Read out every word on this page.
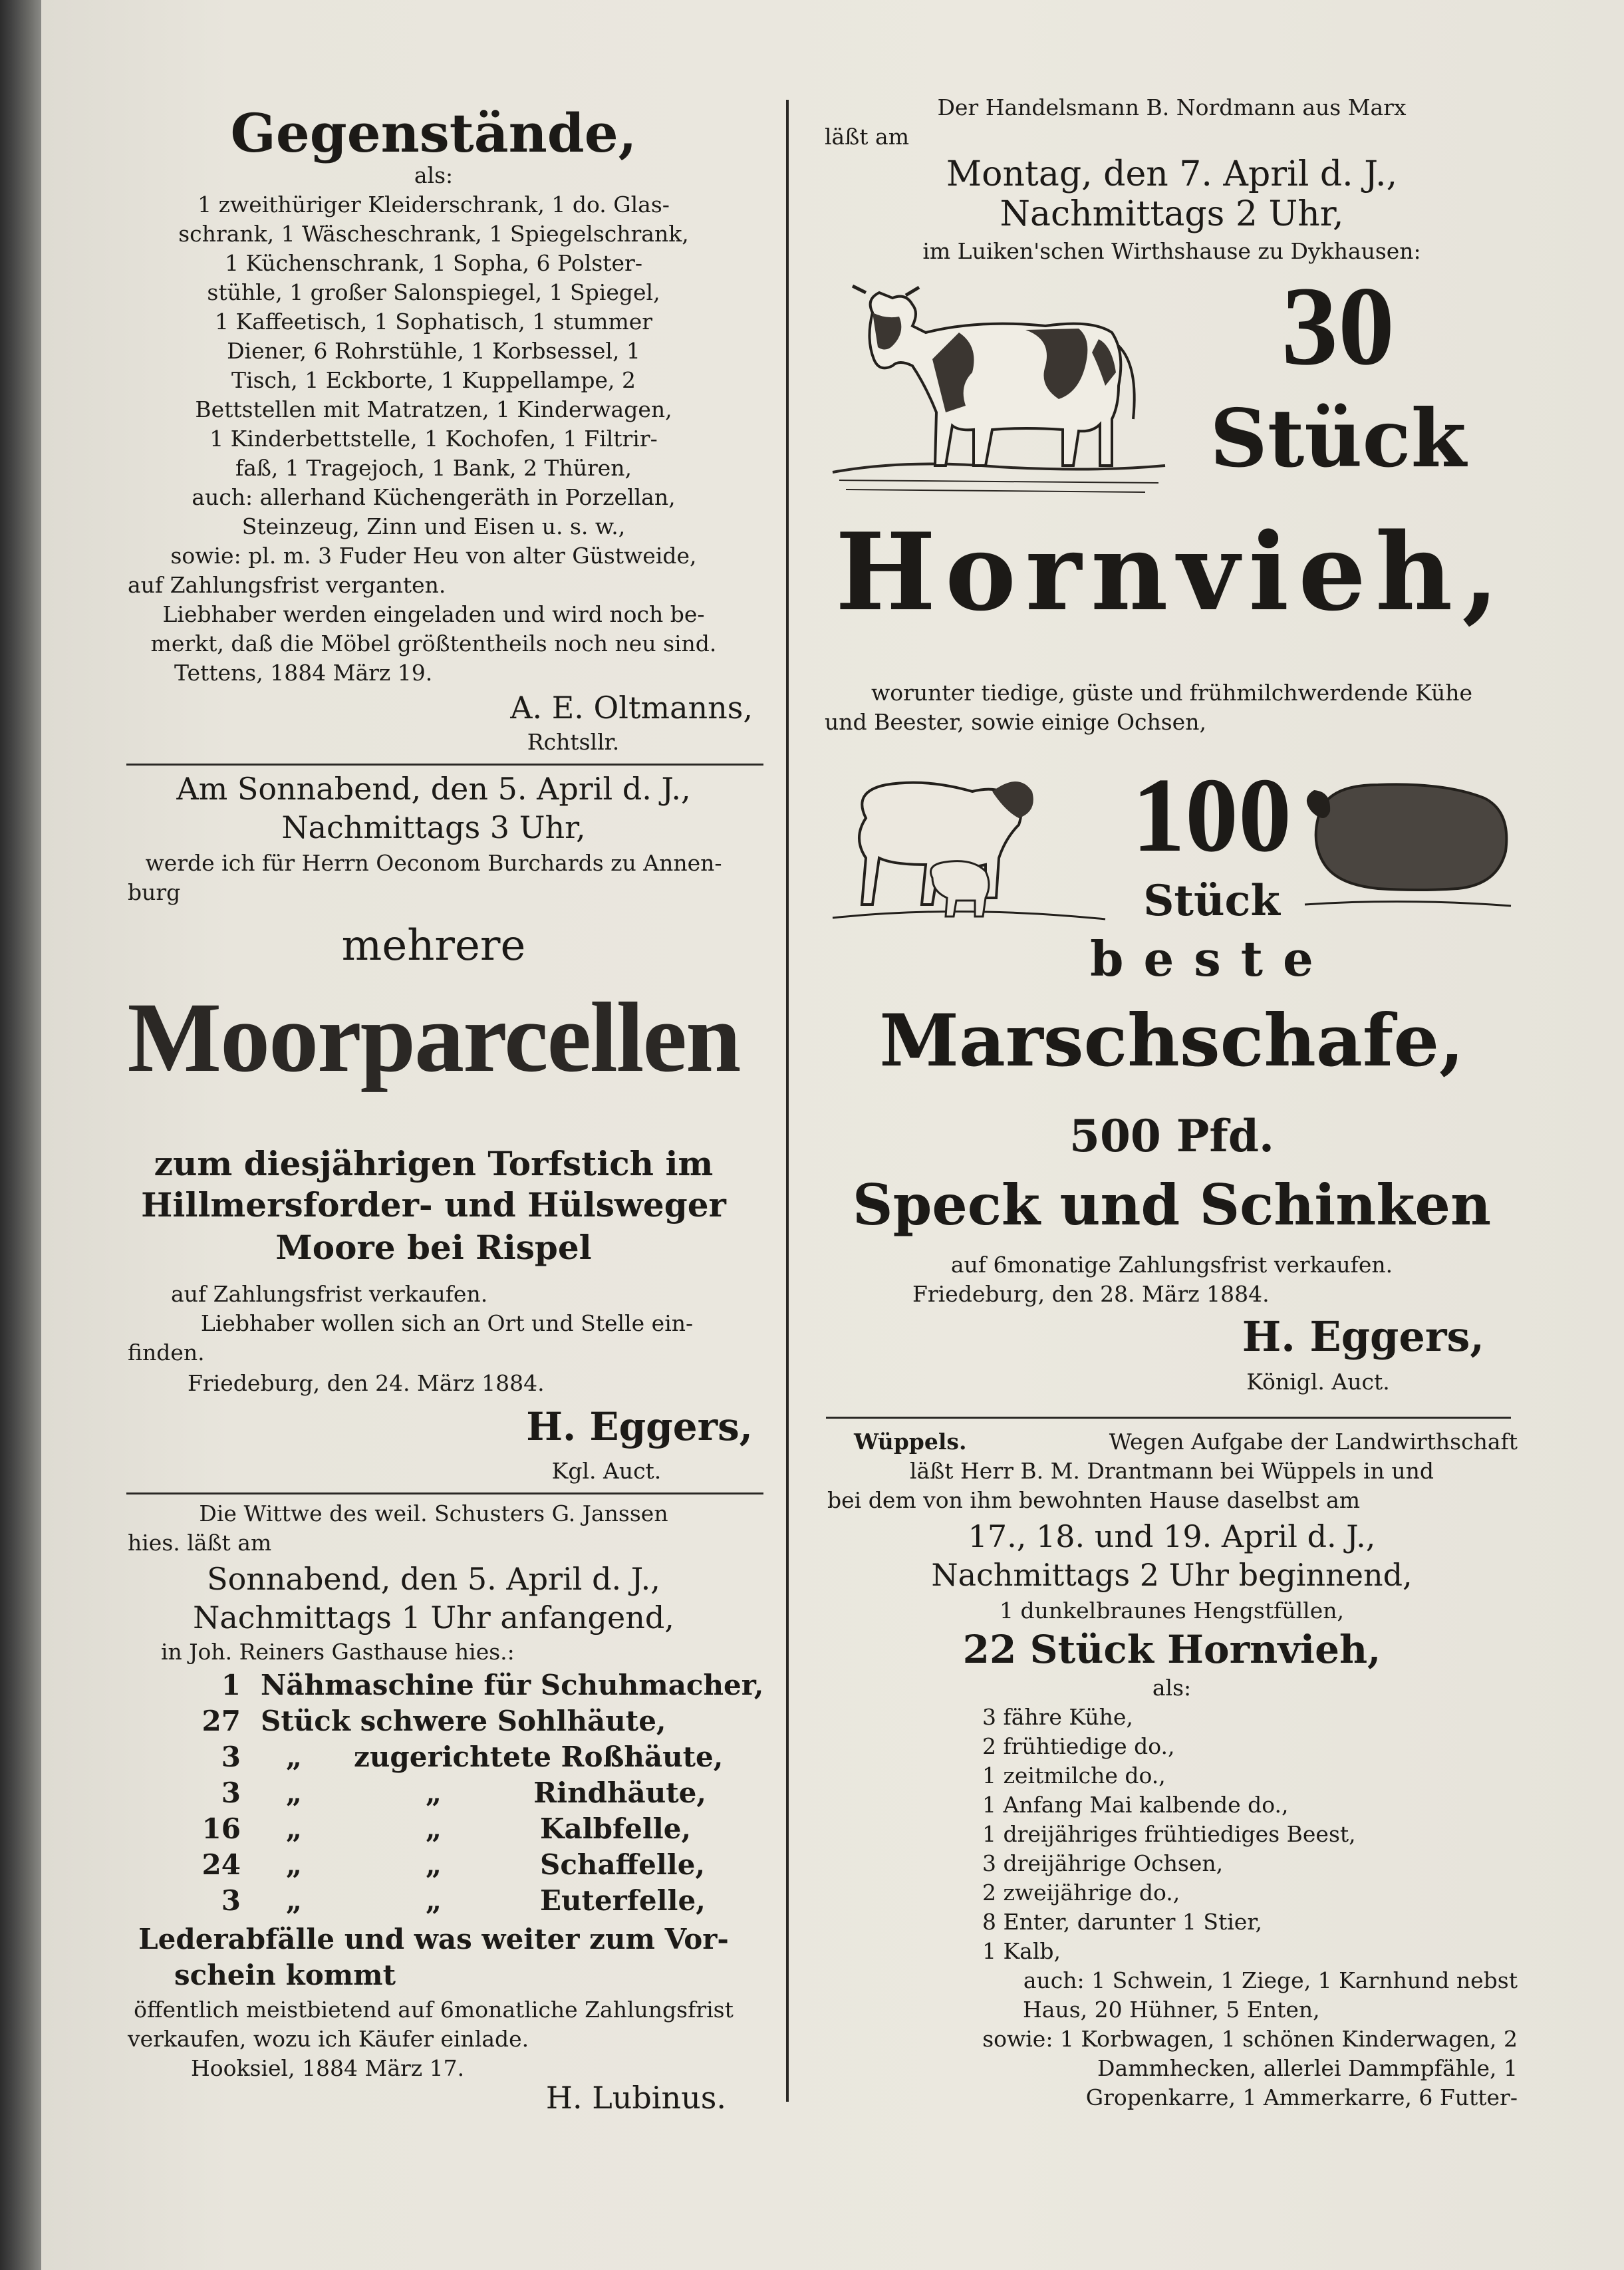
Gegenstände,
als:
1 zweithüriger Kleiderschrank, 1 do. Glas-
schrank, 1 Wäscheschrank, 1 Spiegelschrank,
1 Küchenschrank, 1 Sopha, 6 Polster-
stühle, 1 großer Salonspiegel, 1 Spiegel,
1 Kaffeetisch, 1 Sophatisch, 1 stummer
Diener, 6 Rohrstühle, 1 Korbsessel, 1
Tisch, 1 Eckborte, 1 Kuppellampe, 2
Bettstellen mit Matratzen, 1 Kinderwagen,
1 Kinderbettstelle, 1 Kochofen, 1 Filtrir-
faß, 1 Tragejoch, 1 Bank, 2 Thüren,
auch: allerhand Küchengeräth in Porzellan,
Steinzeug, Zinn und Eisen u. s. w.,
sowie: pl. m. 3 Fuder Heu von alter Güstweide,
auf Zahlungsfrist verganten.
Liebhaber werden eingeladen und wird noch be-
merkt, daß die Möbel größtentheils noch neu sind.
Tettens, 1884 März 19.
A. E. Oltmanns,
Rchtsllr.
Am Sonnabend, den 5. April d. J.,
Nachmittags 3 Uhr,
werde ich für Herrn Oeconom Burchards zu Annen-
burg
mehrere
Moorparcellen
zum diesjährigen Torfstich im
Hillmersforder- und Hülsweger
Moore bei Rispel
auf Zahlungsfrist verkaufen.
Liebhaber wollen sich an Ort und Stelle ein-
finden.
Friedeburg, den 24. März 1884.
H. Eggers,
Kgl. Auct.
Die Wittwe des weil. Schusters G. Janssen
hies. läßt am
Sonnabend, den 5. April d. J.,
Nachmittags 1 Uhr anfangend,
in Joh. Reiners Gasthause hies.:
1 Nähmaschine für Schuhmacher,
27 Stück schwere Sohlhäute,
3	„	zugerichtete Roßhäute,
3	„	„	Rindhäute,
16	„	„	Kalbfelle,
24	„	„	Schaffelle,
3	„	„	Euterfelle,
Lederabfälle und was weiter zum Vor-
schein kommt
öffentlich meistbietend auf 6monatliche Zahlungsfrist
verkaufen, wozu ich Käufer einlade.
Hooksiel, 1884 März 17.
H. Lubinus.
Der Handelsmann B. Nordmann aus Marx
läßt am
Montag, den 7. April d. J.,
Nachmittags 2 Uhr,
im Luiken'schen Wirthshause zu Dykhausen:
30
Stück
Hornvieh,
worunter tiedige, güste und frühmilchwerdende Kühe
und Beester, sowie einige Ochsen,
100
Stück
beste
Marschschafe,
500 Pfd.
Speck und Schinken
auf 6monatige Zahlungsfrist verkaufen.
Friedeburg, den 28. März 1884.
H. Eggers,
Königl. Auct.
Wüppels.	Wegen Aufgabe der Landwirthschaft
läßt Herr B. M. Drantmann bei Wüppels in und
bei dem von ihm bewohnten Hause daselbst am
17., 18. und 19. April d. J.,
Nachmittags 2 Uhr beginnend,
1 dunkelbraunes Hengstfüllen,
22 Stück Hornvieh,
als:
3 fähre Kühe,
2 frühtiedige do.,
1 zeitmilche do.,
1 Anfang Mai kalbende do.,
1 dreijähriges frühtiediges Beest,
3 dreijährige Ochsen,
2 zweijährige do.,
8 Enter, darunter 1 Stier,
1 Kalb,
auch: 1 Schwein, 1 Ziege, 1 Karnhund nebst
Haus, 20 Hühner, 5 Enten,
sowie: 1 Korbwagen, 1 schönen Kinderwagen, 2
Dammhecken, allerlei Dammpfähle, 1
Gropenkarre, 1 Ammerkarre, 6 Futter-
